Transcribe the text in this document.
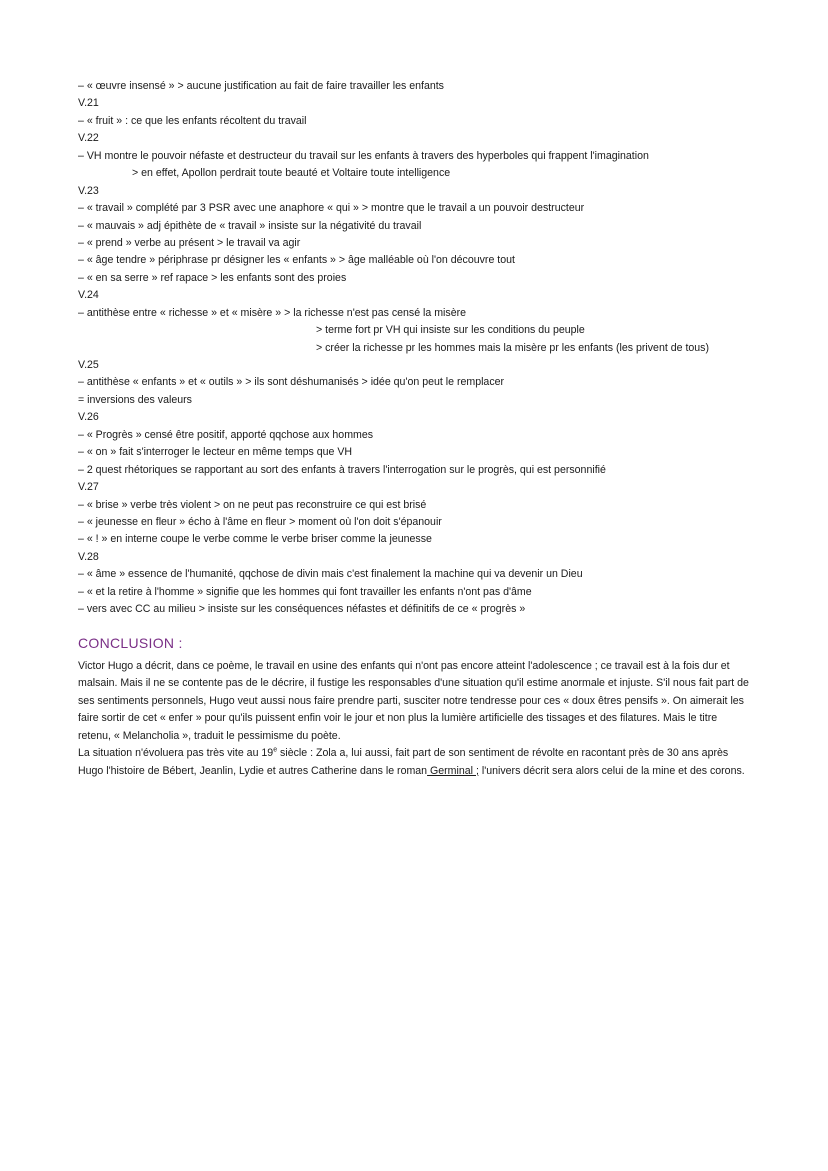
– « œuvre insensé » > aucune justification au fait de faire travailler les enfants
V.21
– « fruit » : ce que les enfants récoltent du travail
V.22
– VH montre le pouvoir néfaste et destructeur du travail sur les enfants à travers des hyperboles qui frappent l'imagination
> en effet, Apollon perdrait toute beauté et Voltaire toute intelligence
V.23
– « travail » complété par 3 PSR avec une anaphore « qui » > montre que le travail a un pouvoir destructeur
– « mauvais » adj épithète de « travail » insiste sur la négativité du travail
– « prend » verbe au présent > le travail va agir
– « âge tendre » périphrase pr désigner les « enfants » > âge malléable où l'on découvre tout
– « en sa serre » ref rapace > les enfants sont des proies
V.24
– antithèse entre « richesse » et « misère » > la richesse n'est pas censé la misère
> terme fort pr VH qui insiste sur les conditions du peuple
> créer la richesse pr les hommes mais la misère pr les enfants (les privent de tous)
V.25
– antithèse « enfants » et « outils » > ils sont déshumanisés > idée qu'on peut le remplacer
= inversions des valeurs
V.26
– « Progrès » censé être positif, apporté qqchose aux hommes
– « on » fait s'interroger le lecteur en même temps que VH
– 2 quest rhétoriques se rapportant au sort des enfants à travers l'interrogation sur le progrès, qui est personnifié
V.27
– « brise » verbe très violent > on ne peut pas reconstruire ce qui est brisé
– « jeunesse en fleur » écho à l'âme en fleur > moment où l'on doit s'épanouir
– « ! » en interne coupe le verbe comme le verbe briser comme la jeunesse
V.28
– « âme » essence de l'humanité, qqchose de divin mais c'est finalement la machine qui va devenir un Dieu
– « et la retire à l'homme » signifie que les hommes qui font travailler les enfants n'ont pas d'âme
– vers avec CC au milieu > insiste sur les conséquences néfastes et définitifs de ce « progrès »
CONCLUSION :

Victor Hugo a décrit, dans ce poème, le travail en usine des enfants qui n'ont pas encore atteint l'adolescence ; ce travail est à la fois dur et malsain. Mais il ne se contente pas de le décrire, il fustige les responsables d'une situation qu'il estime anormale et injuste. S'il nous fait part de ses sentiments personnels, Hugo veut aussi nous faire prendre parti, susciter notre tendresse pour ces « doux êtres pensifs ». On aimerait les faire sortir de cet « enfer » pour qu'ils puissent enfin voir le jour et non plus la lumière artificielle des tissages et des filatures. Mais le titre retenu, « Melancholia », traduit le pessimisme du poète.

La situation n'évoluera pas très vite au 19e siècle : Zola a, lui aussi, fait part de son sentiment de révolte en racontant près de 30 ans après Hugo l'histoire de Bébert, Jeanlin, Lydie et autres Catherine dans le roman Germinal ; l'univers décrit sera alors celui de la mine et des corons.
